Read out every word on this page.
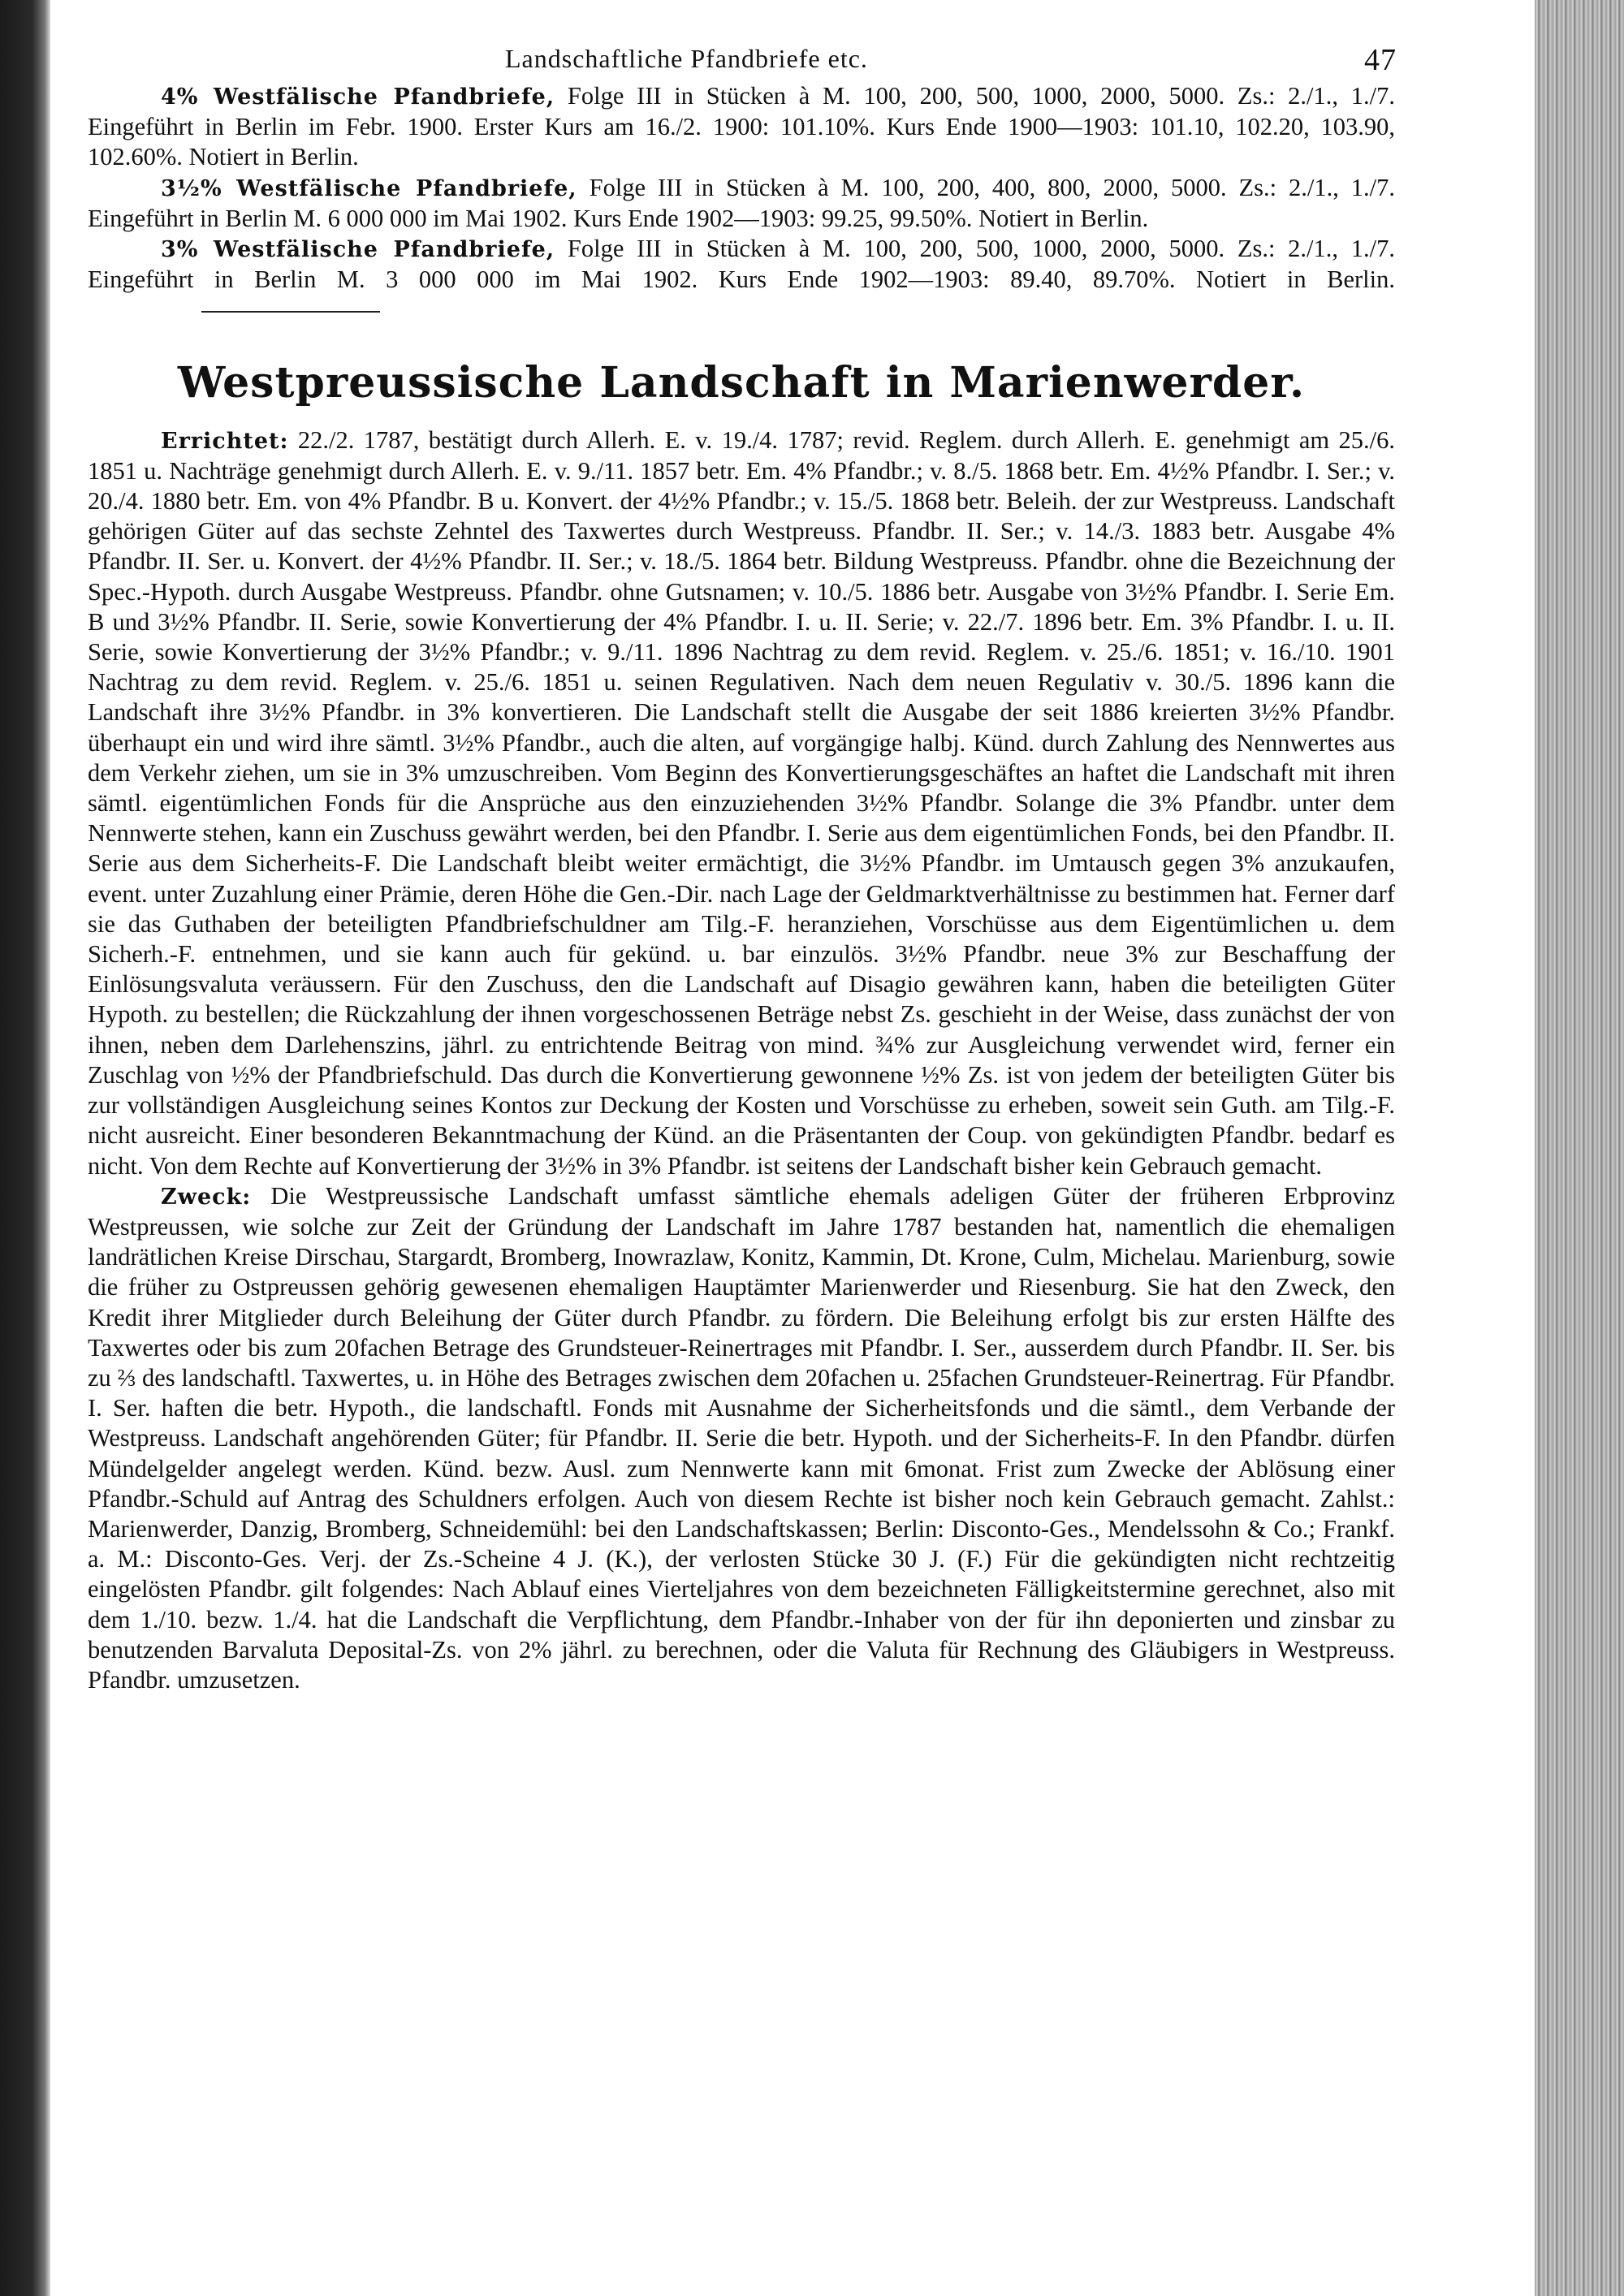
Landschaftliche Pfandbriefe etc.	47

4% Westfälische Pfandbriefe, Folge III in Stücken à M. 100, 200, 500, 1000, 2000, 5000. Zs.: 2./1., 1./7. Eingeführt in Berlin im Febr. 1900. Erster Kurs am 16./2. 1900: 101.10%. Kurs Ende 1900—1903: 101.10, 102.20, 103.90, 102.60%. Notiert in Berlin.

3½% Westfälische Pfandbriefe, Folge III in Stücken à M. 100, 200, 400, 800, 2000, 5000. Zs.: 2./1., 1./7. Eingeführt in Berlin M. 6 000 000 im Mai 1902. Kurs Ende 1902—1903: 99.25, 99.50%. Notiert in Berlin.

3% Westfälische Pfandbriefe, Folge III in Stücken à M. 100, 200, 500, 1000, 2000, 5000. Zs.: 2./1., 1./7. Eingeführt in Berlin M. 3 000 000 im Mai 1902. Kurs Ende 1902—1903: 89.40, 89.70%. Notiert in Berlin.

Westpreussische Landschaft in Marienwerder.

Errichtet: 22./2. 1787, bestätigt durch Allerh. E. v. 19./4. 1787; revid. Reglem. durch Allerh. E. genehmigt am 25./6. 1851 u. Nachträge genehmigt durch Allerh. E. v. 9./11. 1857 betr. Em. 4% Pfandbr.; v. 8./5. 1868 betr. Em. 4½% Pfandbr. I. Ser.; v. 20./4. 1880 betr. Em. von 4% Pfandbr. B u. Konvert. der 4½% Pfandbr.; v. 15./5. 1868 betr. Beleih. der zur Westpreuss. Landschaft gehörigen Güter auf das sechste Zehntel des Taxwertes durch Westpreuss. Pfandbr. II. Ser.; v. 14./3. 1883 betr. Ausgabe 4% Pfandbr. II. Ser. u. Konvert. der 4½% Pfandbr. II. Ser.; v. 18./5. 1864 betr. Bildung Westpreuss. Pfandbr. ohne die Bezeichnung der Spec.-Hypoth. durch Ausgabe Westpreuss. Pfandbr. ohne Gutsnamen; v. 10./5. 1886 betr. Ausgabe von 3½% Pfandbr. I. Serie Em. B und 3½% Pfandbr. II. Serie, sowie Konvertierung der 4% Pfandbr. I. u. II. Serie; v. 22./7. 1896 betr. Em. 3% Pfandbr. I. u. II. Serie, sowie Konvertierung der 3½% Pfandbr.; v. 9./11. 1896 Nachtrag zu dem revid. Reglem. v. 25./6. 1851; v. 16./10. 1901 Nachtrag zu dem revid. Reglem. v. 25./6. 1851 u. seinen Regulativen. Nach dem neuen Regulativ v. 30./5. 1896 kann die Landschaft ihre 3½% Pfandbr. in 3% konvertieren. Die Landschaft stellt die Ausgabe der seit 1886 kreierten 3½% Pfandbr. überhaupt ein und wird ihre sämtl. 3½% Pfandbr., auch die alten, auf vorgängige halbj. Künd. durch Zahlung des Nennwertes aus dem Verkehr ziehen, um sie in 3% umzuschreiben. Vom Beginn des Konvertierungsgeschäftes an haftet die Landschaft mit ihren sämtl. eigentümlichen Fonds für die Ansprüche aus den einzuziehenden 3½% Pfandbr. Solange die 3% Pfandbr. unter dem Nennwerte stehen, kann ein Zuschuss gewährt werden, bei den Pfandbr. I. Serie aus dem eigentümlichen Fonds, bei den Pfandbr. II. Serie aus dem Sicherheits-F. Die Landschaft bleibt weiter ermächtigt, die 3½% Pfandbr. im Umtausch gegen 3% anzukaufen, event. unter Zuzahlung einer Prämie, deren Höhe die Gen.-Dir. nach Lage der Geldmarktverhältnisse zu bestimmen hat. Ferner darf sie das Guthaben der beteiligten Pfandbriefschuldner am Tilg.-F. heranziehen, Vorschüsse aus dem Eigentümlichen u. dem Sicherh.-F. entnehmen, und sie kann auch für gekünd. u. bar einzulös. 3½% Pfandbr. neue 3% zur Beschaffung der Einlösungsvaluta veräussern. Für den Zuschuss, den die Landschaft auf Disagio gewähren kann, haben die beteiligten Güter Hypoth. zu bestellen; die Rückzahlung der ihnen vorgeschossenen Beträge nebst Zs. geschieht in der Weise, dass zunächst der von ihnen, neben dem Darlehenszins, jährl. zu entrichtende Beitrag von mind. ¾% zur Ausgleichung verwendet wird, ferner ein Zuschlag von ½% der Pfandbriefschuld. Das durch die Konvertierung gewonnene ½% Zs. ist von jedem der beteiligten Güter bis zur vollständigen Ausgleichung seines Kontos zur Deckung der Kosten und Vorschüsse zu erheben, soweit sein Guth. am Tilg.-F. nicht ausreicht. Einer besonderen Bekanntmachung der Künd. an die Präsentanten der Coup. von gekündigten Pfandbr. bedarf es nicht. Von dem Rechte auf Konvertierung der 3½% in 3% Pfandbr. ist seitens der Landschaft bisher kein Gebrauch gemacht.

Zweck: Die Westpreussische Landschaft umfasst sämtliche ehemals adeligen Güter der früheren Erbprovinz Westpreussen, wie solche zur Zeit der Gründung der Landschaft im Jahre 1787 bestanden hat, namentlich die ehemaligen landrätlichen Kreise Dirschau, Stargardt, Bromberg, Inowrazlaw, Konitz, Kammin, Dt. Krone, Culm, Michelau. Marienburg, sowie die früher zu Ostpreussen gehörig gewesenen ehemaligen Hauptämter Marienwerder und Riesenburg. Sie hat den Zweck, den Kredit ihrer Mitglieder durch Beleihung der Güter durch Pfandbr. zu fördern. Die Beleihung erfolgt bis zur ersten Hälfte des Taxwertes oder bis zum 20fachen Betrage des Grundsteuer-Reinertrages mit Pfandbr. I. Ser., ausserdem durch Pfandbr. II. Ser. bis zu ⅔ des landschaftl. Taxwertes, u. in Höhe des Betrages zwischen dem 20fachen u. 25fachen Grundsteuer-Reinertrag. Für Pfandbr. I. Ser. haften die betr. Hypoth., die landschaftl. Fonds mit Ausnahme der Sicherheitsfonds und die sämtl., dem Verbande der Westpreuss. Landschaft angehörenden Güter; für Pfandbr. II. Serie die betr. Hypoth. und der Sicherheits-F. In den Pfandbr. dürfen Mündelgelder angelegt werden. Künd. bezw. Ausl. zum Nennwerte kann mit 6monat. Frist zum Zwecke der Ablösung einer Pfandbr.-Schuld auf Antrag des Schuldners erfolgen. Auch von diesem Rechte ist bisher noch kein Gebrauch gemacht. Zahlst.: Marienwerder, Danzig, Bromberg, Schneidemühl: bei den Landschaftskassen; Berlin: Disconto-Ges., Mendelssohn & Co.; Frankf. a. M.: Disconto-Ges. Verj. der Zs.-Scheine 4 J. (K.), der verlosten Stücke 30 J. (F.) Für die gekündigten nicht rechtzeitig eingelösten Pfandbr. gilt folgendes: Nach Ablauf eines Vierteljahres von dem bezeichneten Fälligkeitstermine gerechnet, also mit dem 1./10. bezw. 1./4. hat die Landschaft die Verpflichtung, dem Pfandbr.-Inhaber von der für ihn deponierten und zinsbar zu benutzenden Barvaluta Deposital-Zs. von 2% jährl. zu berechnen, oder die Valuta für Rechnung des Gläubigers in Westpreuss. Pfandbr. umzusetzen.
